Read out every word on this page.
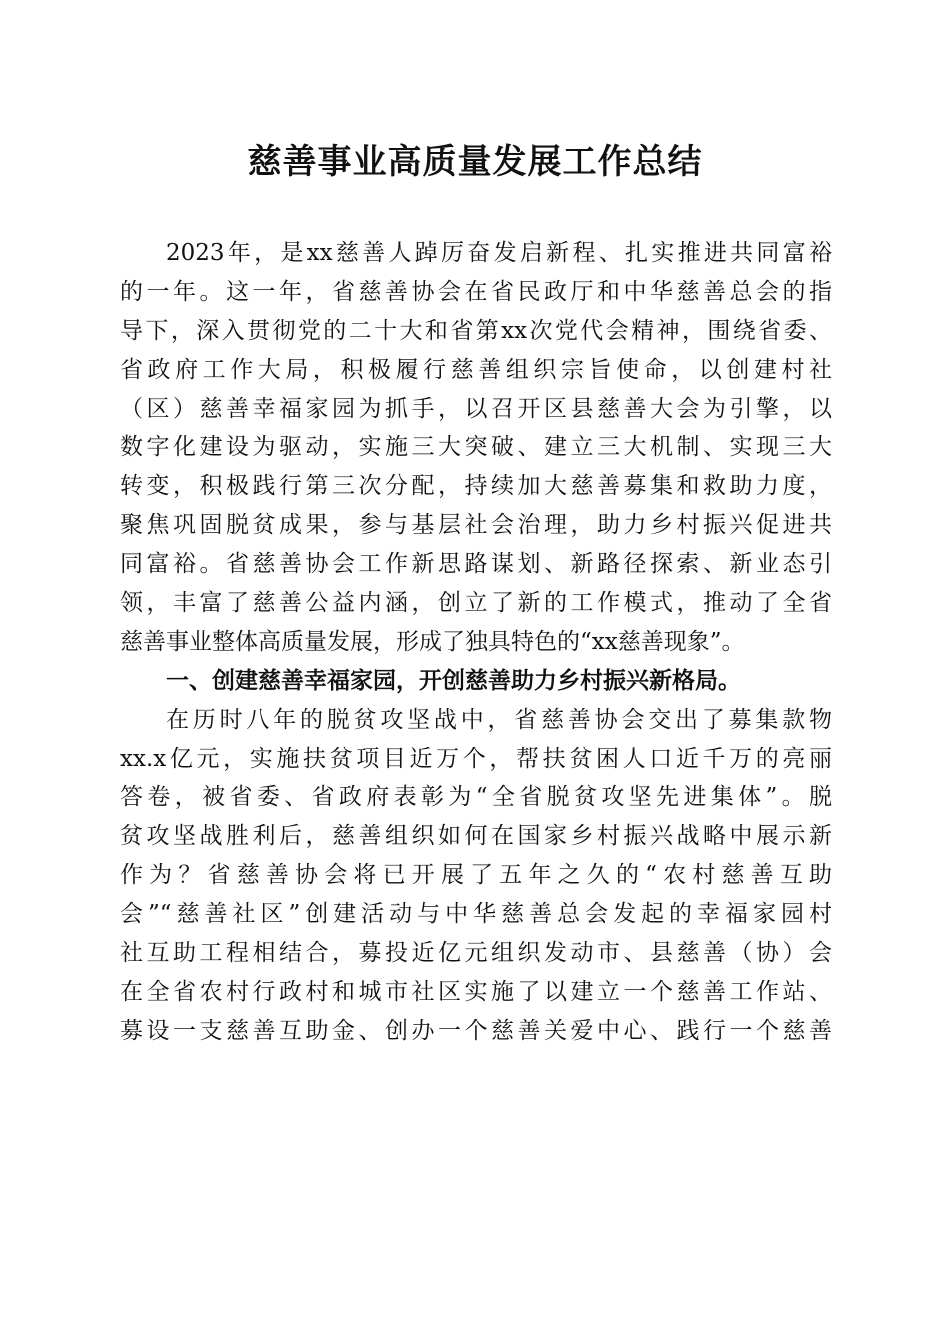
慈善事业高质量发展工作总结
2023年，是xx慈善人踔厉奋发启新程、扎实推进共同富裕
的一年。这一年，省慈善协会在省民政厅和中华慈善总会的指
导下，深入贯彻党的二十大和省第xx次党代会精神，围绕省委、
省政府工作大局，积极履行慈善组织宗旨使命，以创建村社
（区）慈善幸福家园为抓手，以召开区县慈善大会为引擎，以
数字化建设为驱动，实施三大突破、建立三大机制、实现三大
转变，积极践行第三次分配，持续加大慈善募集和救助力度，
聚焦巩固脱贫成果，参与基层社会治理，助力乡村振兴促进共
同富裕。省慈善协会工作新思路谋划、新路径探索、新业态引
领，丰富了慈善公益内涵，创立了新的工作模式，推动了全省
慈善事业整体高质量发展，形成了独具特色的“xx慈善现象”。
一、创建慈善幸福家园，开创慈善助力乡村振兴新格局。
在历时八年的脱贫攻坚战中，省慈善协会交出了募集款物
xx.x亿元，实施扶贫项目近万个，帮扶贫困人口近千万的亮丽
答卷，被省委、省政府表彰为“全省脱贫攻坚先进集体”。脱
贫攻坚战胜利后，慈善组织如何在国家乡村振兴战略中展示新
作为？省慈善协会将已开展了五年之久的“农村慈善互助
会”“慈善社区”创建活动与中华慈善总会发起的幸福家园村
社互助工程相结合，募投近亿元组织发动市、县慈善（协）会
在全省农村行政村和城市社区实施了以建立一个慈善工作站、
募设一支慈善互助金、创办一个慈善关爱中心、践行一个慈善
